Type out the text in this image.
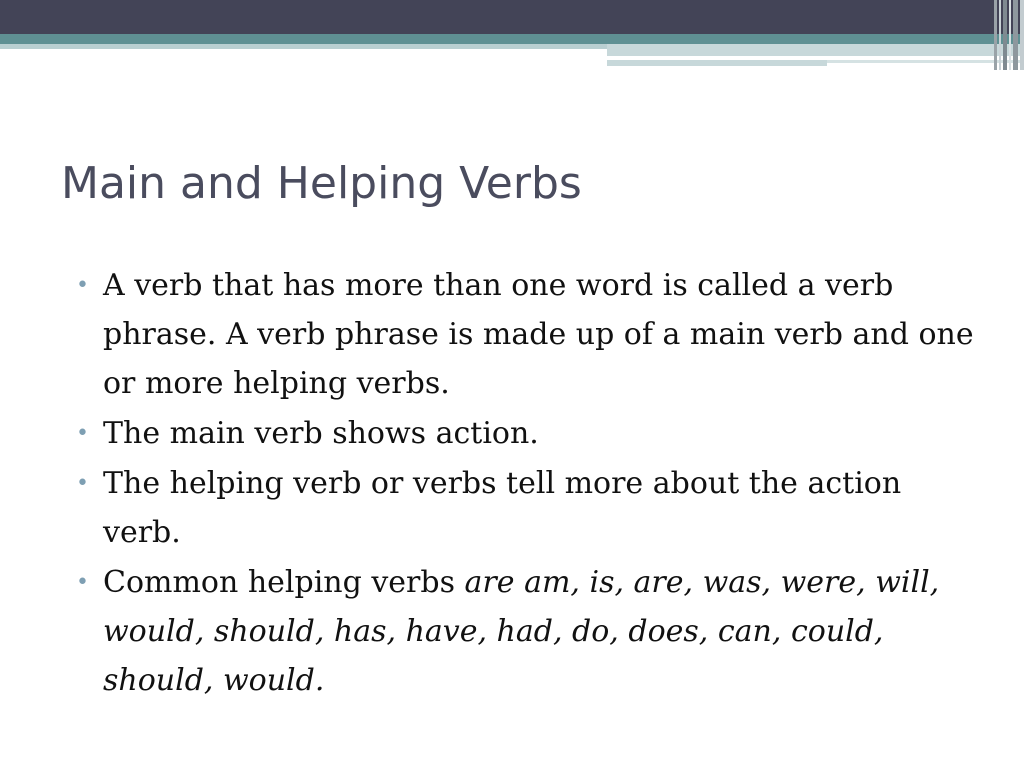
Main and Helping Verbs
• A verb that has more than one word is called a verb phrase. A verb phrase is made up of a main verb and one or more helping verbs.
• The main verb shows action.
• The helping verb or verbs tell more about the action verb.
• Common helping verbs are am, is, are, was, were, will, would, should, has, have, had, do, does, can, could, should, would.
